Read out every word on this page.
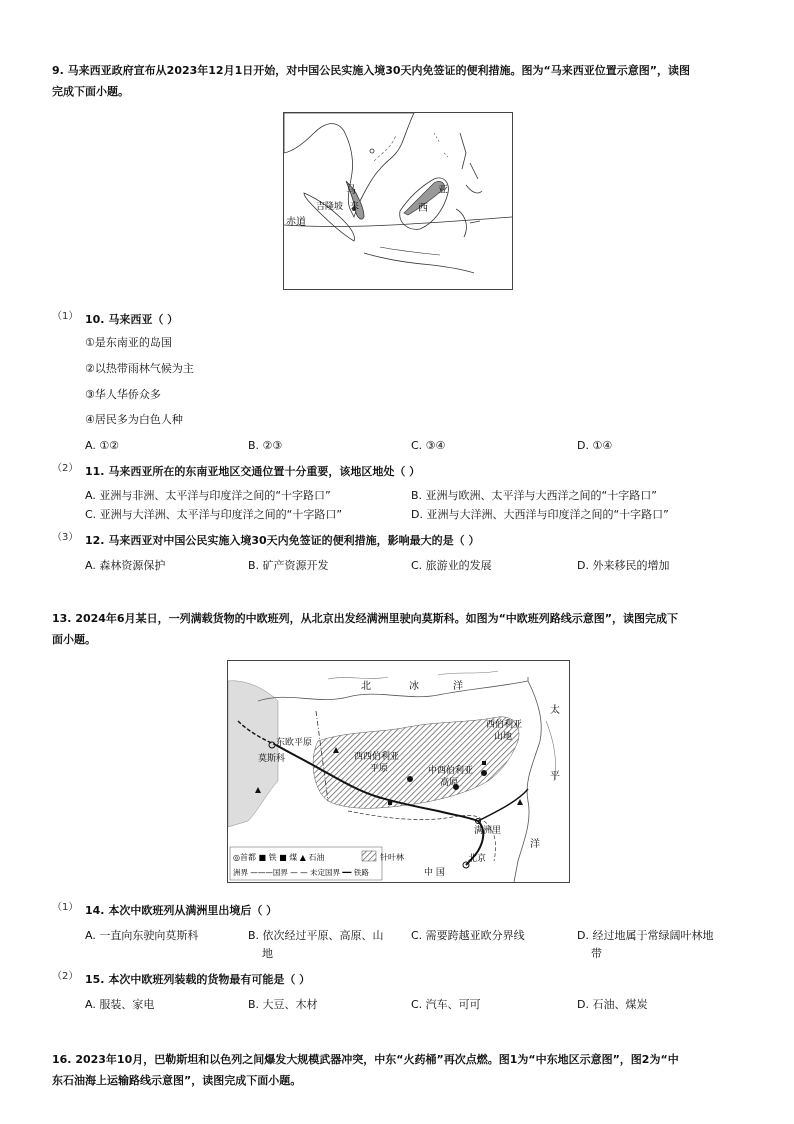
9. 马来西亚政府宣布从2023年12月1日开始，对中国公民实施入境30天内免签证的便利措施。图为“马来西亚位置示意图”，读图
完成下面小题。
马
来
吉隆坡	西
亚
赤道
（1） 10. 马来西亚（ ）
①是东南亚的岛国
②以热带雨林气候为主
③华人华侨众多
④居民多为白色人种
A. ①②	B. ②③	C. ③④	D. ①④
（2） 11. 马来西亚所在的东南亚地区交通位置十分重要，该地区地处（ ）
A. 亚洲与非洲、太平洋与印度洋之间的“十字路口”	B. 亚洲与欧洲、太平洋与大西洋之间的“十字路口”
C. 亚洲与大洋洲、太平洋与印度洋之间的“十字路口”	D. 亚洲与大洋洲、大西洋与印度洋之间的“十字路口”
（3） 12. 马来西亚对中国公民实施入境30天内免签证的便利措施，影响最大的是（ ）
A. 森林资源保护	B. 矿产资源开发	C. 旅游业的发展	D. 外来移民的增加
13. 2024年6月某日，一列满载货物的中欧班列，从北京出发经满洲里驶向莫斯科。如图为“中欧班列路线示意图”，读图完成下
面小题。
北	冰	洋
太
平
洋
东欧平原
莫斯科	西西伯利亚
平原	中西伯利亚
高原
西伯利亚
山地
满洲里
北京
中 国
◎首都 ■ 铁 ■ 煤 ▲ 石油	针叶林
洲界 ———国界 — — 未定国界 ━━ 铁路
（1） 14. 本次中欧班列从满洲里出境后（ ）
A. 一直向东驶向莫斯科	B. 依次经过平原、高原、山 C. 需要跨越亚欧分界线	D. 经过地属于常绿阔叶林地
地	带
（2） 15. 本次中欧班列装载的货物最有可能是（ ）
A. 服装、家电	B. 大豆、木材	C. 汽车、可可	D. 石油、煤炭
16. 2023年10月，巴勒斯坦和以色列之间爆发大规模武器冲突，中东“火药桶”再次点燃。图1为“中东地区示意图”，图2为“中
东石油海上运输路线示意图”，读图完成下面小题。
